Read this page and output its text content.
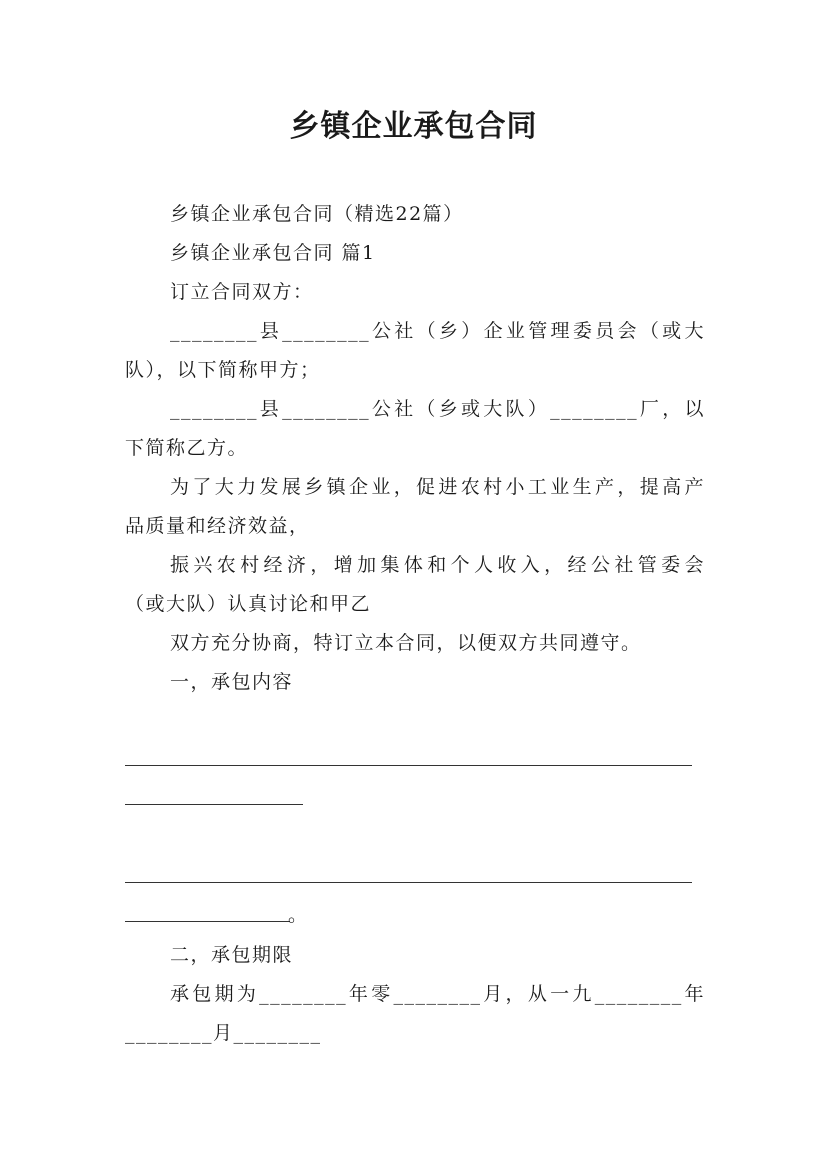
乡镇企业承包合同
乡镇企业承包合同（精选22篇）
乡镇企业承包合同 篇1
订立合同双方：
________县________公社（乡）企业管理委员会（或大
队），以下简称甲方；
________县________公社（乡或大队）________厂，以
下简称乙方。
为了大力发展乡镇企业，促进农村小工业生产，提高产
品质量和经济效益，
振兴农村经济，增加集体和个人收入，经公社管委会
（或大队）认真讨论和甲乙
双方充分协商，特订立本合同，以便双方共同遵守。
一，承包内容
。
二，承包期限
承包期为________年零________月，从一九________年
________月________
